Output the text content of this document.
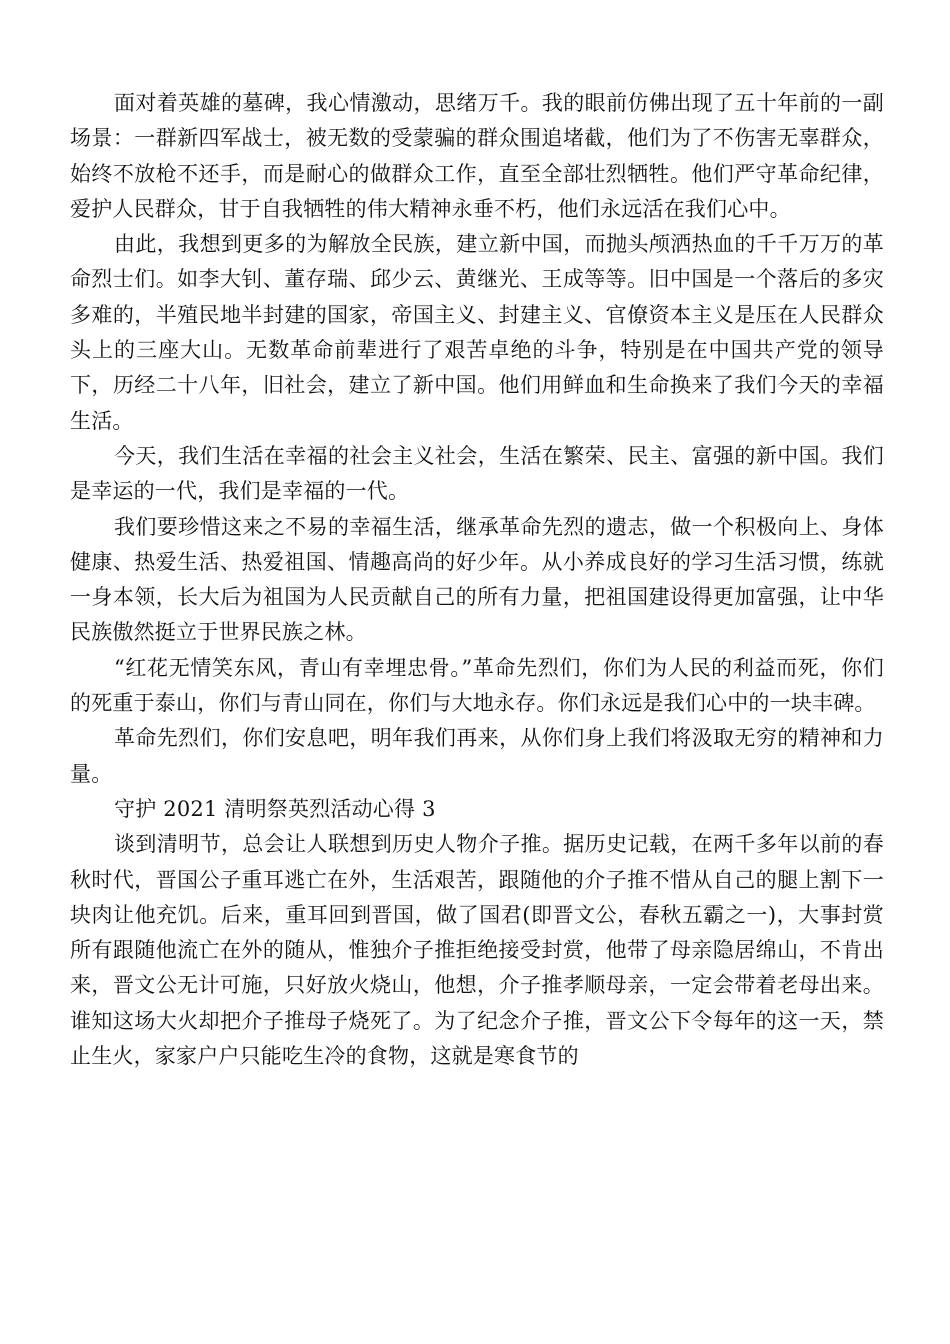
面对着英雄的墓碑，我心情激动，思绪万千。我的眼前仿佛出现了五十年前的一副场景：一群新四军战士，被无数的受蒙骗的群众围追堵截，他们为了不伤害无辜群众，始终不放枪不还手，而是耐心的做群众工作，直至全部壮烈牺牲。他们严守革命纪律，爱护人民群众，甘于自我牺牲的伟大精神永垂不朽，他们永远活在我们心中。

由此，我想到更多的为解放全民族，建立新中国，而抛头颅洒热血的千千万万的革命烈士们。如李大钊、董存瑞、邱少云、黄继光、王成等等。旧中国是一个落后的多灾多难的，半殖民地半封建的国家，帝国主义、封建主义、官僚资本主义是压在人民群众头上的三座大山。无数革命前辈进行了艰苦卓绝的斗争，特别是在中国共产党的领导下，历经二十八年，旧社会，建立了新中国。他们用鲜血和生命换来了我们今天的幸福生活。

今天，我们生活在幸福的社会主义社会，生活在繁荣、民主、富强的新中国。我们是幸运的一代，我们是幸福的一代。

我们要珍惜这来之不易的幸福生活，继承革命先烈的遗志，做一个积极向上、身体健康、热爱生活、热爱祖国、情趣高尚的好少年。从小养成良好的学习生活习惯，练就一身本领，长大后为祖国为人民贡献自己的所有力量，把祖国建设得更加富强，让中华民族傲然挺立于世界民族之林。

“红花无情笑东风，青山有幸埋忠骨。”革命先烈们，你们为人民的利益而死，你们的死重于泰山，你们与青山同在，你们与大地永存。你们永远是我们心中的一块丰碑。

革命先烈们，你们安息吧，明年我们再来，从你们身上我们将汲取无穷的精神和力量。

守护 2021 清明祭英烈活动心得 3

谈到清明节，总会让人联想到历史人物介子推。据历史记载，在两千多年以前的春秋时代，晋国公子重耳逃亡在外，生活艰苦，跟随他的介子推不惜从自己的腿上割下一块肉让他充饥。后来，重耳回到晋国，做了国君(即晋文公，春秋五霸之一)，大事封赏所有跟随他流亡在外的随从，惟独介子推拒绝接受封赏，他带了母亲隐居绵山，不肯出来，晋文公无计可施，只好放火烧山，他想，介子推孝顺母亲，一定会带着老母出来。谁知这场大火却把介子推母子烧死了。为了纪念介子推，晋文公下令每年的这一天，禁止生火，家家户户只能吃生冷的食物，这就是寒食节的
